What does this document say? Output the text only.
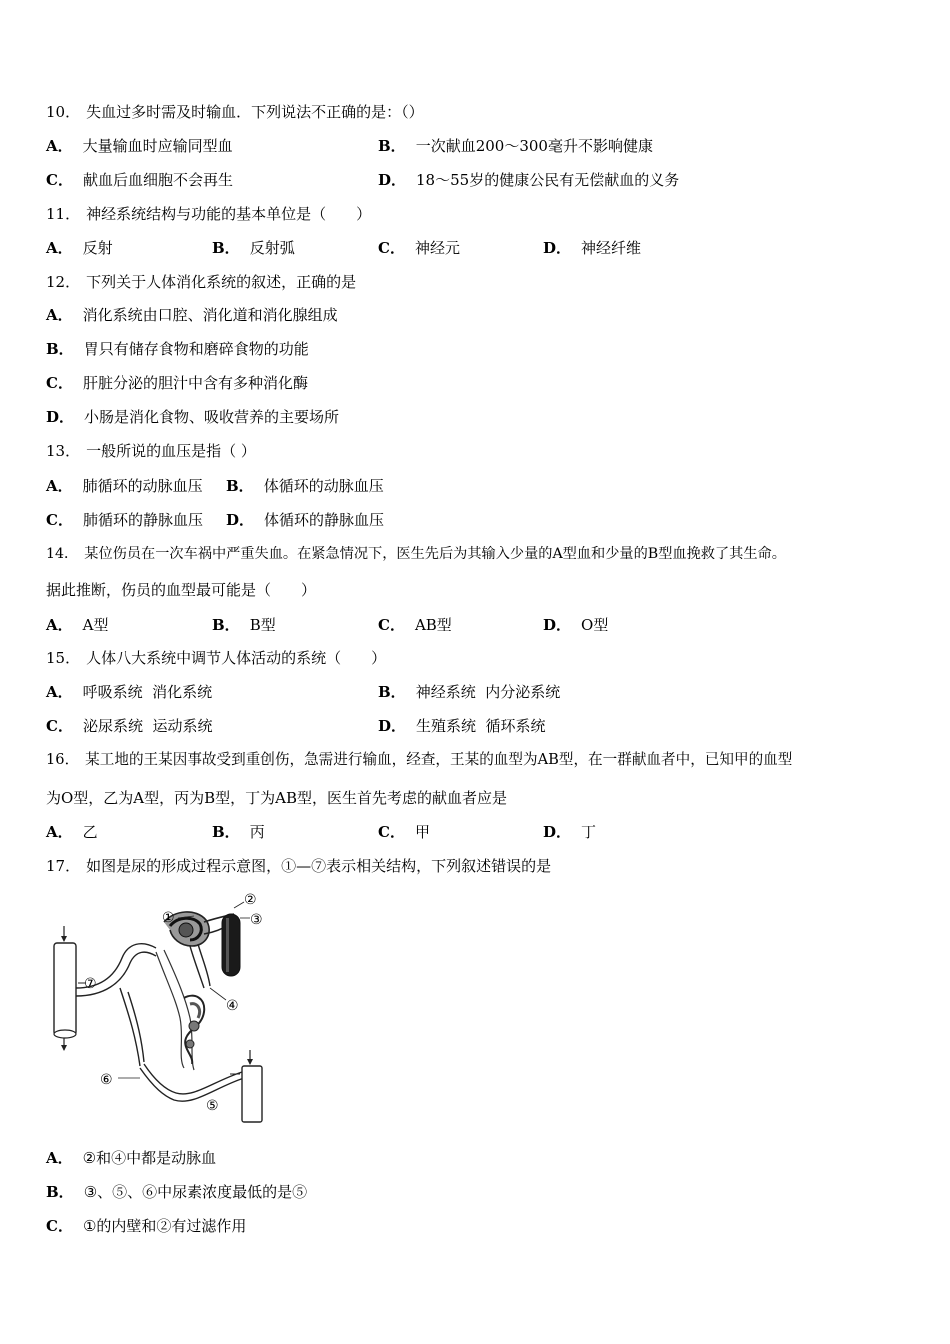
10． 失血过多时需及时输血．下列说法不正确的是：（）
A． 大量输血时应输同型血	B． 一次献血200～300毫升不影响健康
C． 献血后血细胞不会再生	D． 18～55岁的健康公民有无偿献血的义务
11． 神经系统结构与功能的基本单位是（　　）
A． 反射	B． 反射弧	C． 神经元	D． 神经纤维
12． 下列关于人体消化系统的叙述，正确的是
A． 消化系统由口腔、消化道和消化腺组成
B． 胃只有储存食物和磨碎食物的功能
C． 肝脏分泌的胆汁中含有多种消化酶
D． 小肠是消化食物、吸收营养的主要场所
13． 一般所说的血压是指（ ）
A． 肺循环的动脉血压 B． 体循环的动脉血压
C． 肺循环的静脉血压 D． 体循环的静脉血压
14． 某位伤员在一次车祸中严重失血。在紧急情况下，医生先后为其输入少量的A型血和少量的B型血挽救了其生命。
据此推断，伤员的血型最可能是（　　）
A． A型	B． B型	C． AB型	D． O型
15． 人体八大系统中调节人体活动的系统（　　）
A． 呼吸系统  消化系统	B． 神经系统  内分泌系统
C． 泌尿系统  运动系统	D． 生殖系统  循环系统
16． 某工地的王某因事故受到重创伤，急需进行输血，经查，王某的血型为AB型，在一群献血者中，已知甲的血型
为O型，乙为A型，丙为B型，丁为AB型，医生首先考虑的献血者应是
A． 乙	B． 丙	C． 甲	D． 丁
17． 如图是尿的形成过程示意图，①—⑦表示相关结构，下列叙述错误的是
①
②
③
④
⑤
⑥
⑦
A． ②和④中都是动脉血
B． ③、⑤、⑥中尿素浓度最低的是⑤
C． ①的内壁和②有过滤作用
